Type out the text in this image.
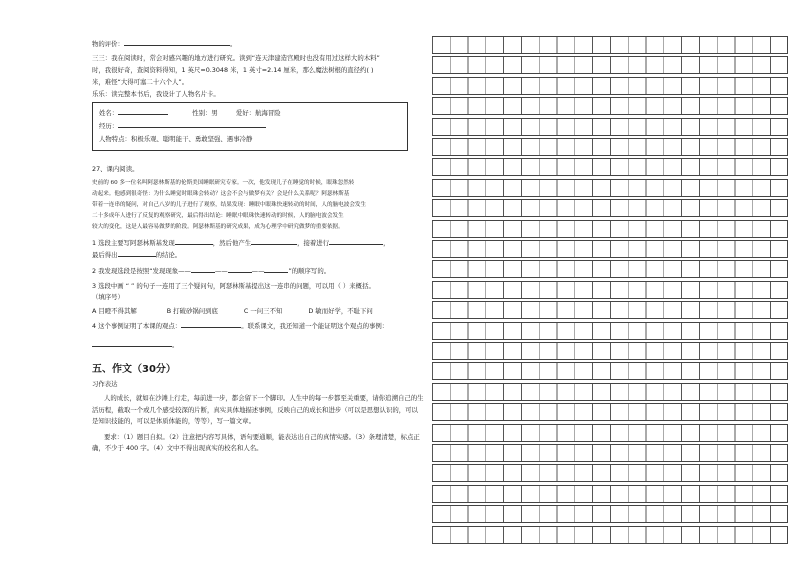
物的评价：	。
三三：我在阅读时，常会对感兴趣的地方进行研究。读到“连天津建造宫殿时也没有用过这样大的木料”
时，我很好奇，查阅资料得知，1 英尺=0.3048 米，1 英寸=2.14 厘米，那么魔法树根的直径约( )
米，难怪“大得可塞二十六个人”。
乐乐：读完整本书后，我设计了人物名片卡。
姓名：	性别：男	爱好：航海冒险
经历：
人物特点：积极乐观、聪明能干、勇敢坚强、遇事冷静
27、课内阅读。
史前的 60 多一位名叫阿瑟林斯基的伦斯美国睡眠研究专家。一次，他发现儿子在睡觉的时候，眼珠忽然转
动起来。他感到很奇怪：为什么睡觉时眼珠会转动？这会不会与做梦有关？会是什么关系呢？阿瑟林斯基
带着一连串的疑问，对自己八岁的儿子进行了观察，结果发现：睡眠中眼珠快速转动的时间，人的脑电波会发生
二十多成年人进行了反复的观察研究，最后得出结论：睡眠中眼珠快速转动的时候，人的脑电波会发生
较大的变化，这是人最容易做梦的阶段。阿瑟林斯基的研究成果，成为心理学中研究做梦的重要依据。
1 选段主要写阿瑟林斯基发现	，然后他产生	，接着进行	，
最后得出	的结论。
2 我发现选段是按照“发现现象——	——	——	”的顺序写的。
3 选段中画 “ ” 的句子一连用了三个疑问句，阿瑟林斯基提出这一连串的问题，可以用（ ）来概括。
（填序号）
A 目瞪不得其解	B 打破砂锅问到底	C 一问三不知	D 敏而好学，不耻下问
4 这个事例证明了本课的观点：	。联系课文，我还知道一个能证明这个观点的事例：
。
五、作文（30分）
习作表达
人的成长，就如在沙滩上行走，每前进一步，都会留下一个脚印。人生中的每一步都至关重要，请你追溯自己的生活历程，截取一个或几个感受较深的片断，真实具体地描述事例，反映自己的成长和进步（可以是思想认识的，可以是知识技能的，可以是体质体能的，等等），写一篇文章。
要求：（1）题目自拟。（2）注意把内容写具体，语句要通顺，能表达出自己的真情实感。（3）条理清楚，标点正确，不少于 400 字。（4）文中不得出现真实的校名和人名。
